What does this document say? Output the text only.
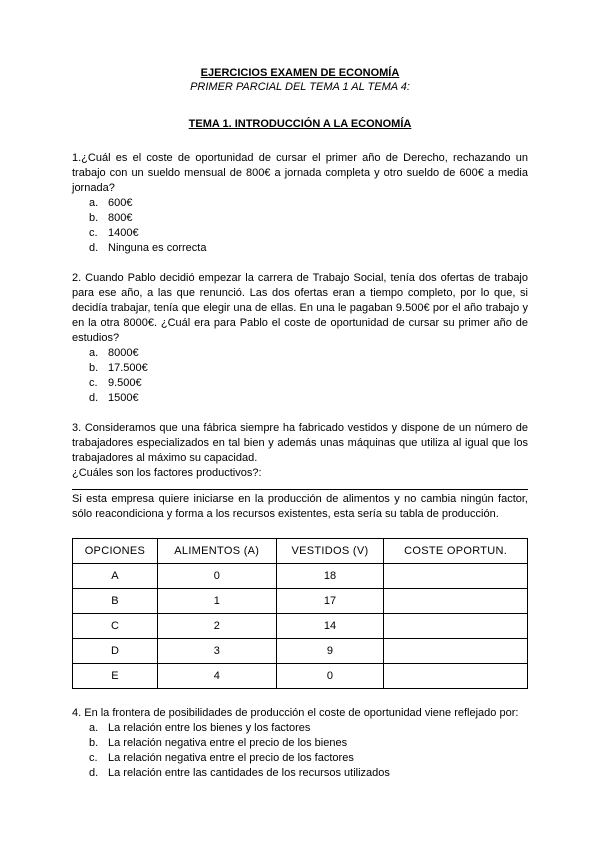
EJERCICIOS EXAMEN DE ECONOMÍA

PRIMER PARCIAL DEL TEMA 1 AL TEMA 4:

TEMA 1. INTRODUCCIÓN A LA ECONOMÍA

1.¿Cuál es el coste de oportunidad de cursar el primer año de Derecho, rechazando un trabajo con un sueldo mensual de 800€ a jornada completa y otro sueldo de 600€ a media jornada?

a. 600€
b. 800€
c. 1400€
d. Ninguna es correcta

2. Cuando Pablo decidió empezar la carrera de Trabajo Social, tenía dos ofertas de trabajo para ese año, a las que renunció. Las dos ofertas eran a tiempo completo, por lo que, si decidía trabajar, tenía que elegir una de ellas. En una le pagaban 9.500€ por el año trabajo y en la otra 8000€. ¿Cuál era para Pablo el coste de oportunidad de cursar su primer año de estudios?

a. 8000€
b. 17.500€
c. 9.500€
d. 1500€

3. Consideramos que una fábrica siempre ha fabricado vestidos y dispone de un número de trabajadores especializados en tal bien y además unas máquinas que utiliza al igual que los trabajadores al máximo su capacidad.

¿Cuáles son los factores productivos?:

Si esta empresa quiere iniciarse en la producción de alimentos y no cambia ningún factor, sólo reacondiciona y forma a los recursos existentes, esta sería su tabla de producción.

OPCIONES	ALIMENTOS (A)	VESTIDOS (V)	COSTE OPORTUN.
A	0	18	
B	1	17	
C	2	14	
D	3	9	
E	4	0	

4. En la frontera de posibilidades de producción el coste de oportunidad viene reflejado por:

a. La relación entre los bienes y los factores
b. La relación negativa entre el precio de los bienes
c. La relación negativa entre el precio de los factores
d. La relación entre las cantidades de los recursos utilizados
